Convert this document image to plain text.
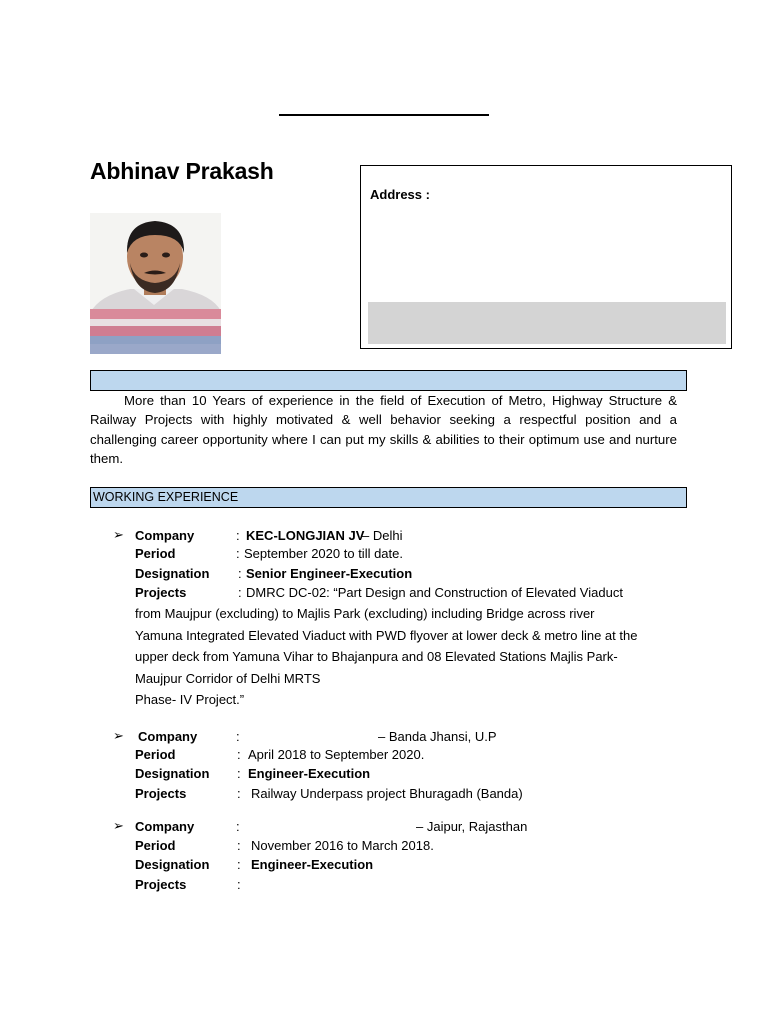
Abhinav Prakash
Address :
More than 10 Years of experience in the field of Execution of Metro, Highway Structure & Railway Projects with highly motivated & well behavior seeking a respectful position and a challenging career opportunity where I can put my skills & abilities to their optimum use and nurture them.
WORKING EXPERIENCE
➢ Company	: KEC-LONGJIAN JV
– Delhi
Period	: September 2020 to till date.
Designation : Senior Engineer-Execution
Projects	: DMRC DC-02: “Part Design and Construction of Elevated Viaduct
from Maujpur (excluding) to Majlis Park (excluding) including Bridge across river
Yamuna Integrated Elevated Viaduct with PWD flyover at lower deck & metro line at the
upper deck from Yamuna Vihar to Bhajanpura and 08 Elevated Stations Majlis Park-
Maujpur Corridor of Delhi MRTS
Phase- IV Project.”
➢ Company	:	– Banda Jhansi, U.P
Period	: April 2018 to September 2020.
Designation : Engineer-Execution
Projects	: Railway Underpass project Bhuragadh (Banda)
➢ Company	:	– Jaipur, Rajasthan
Period	: November 2016 to March 2018.
Designation : Engineer-Execution
Projects	:
